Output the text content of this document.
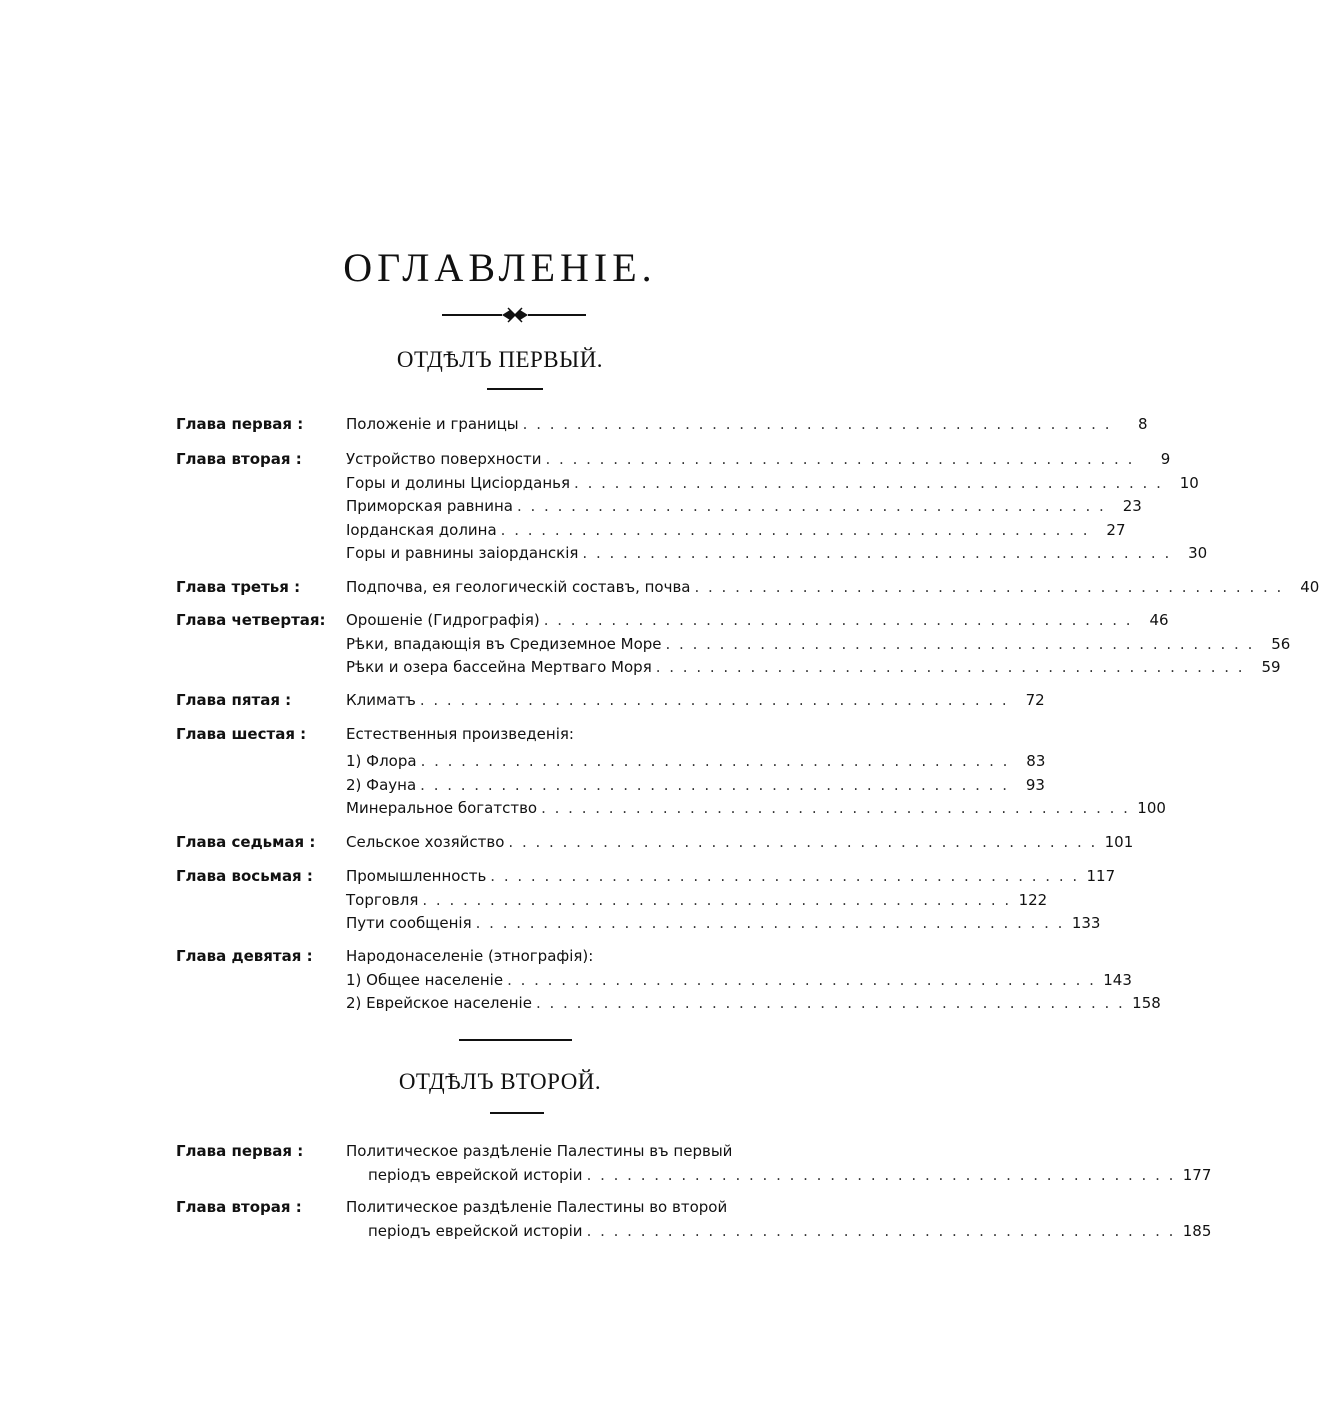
ОГЛАВЛЕНІЕ.
ОТДѢЛЪ ПЕРВЫЙ.
Глава первая :	Положеніе и границы . . . . . . . . . . . . . . . . . . . . . . . . . . . . . . . . . . . . . . . . . . . .	8
Глава вторая :	Устройство поверхности . . . . . . . . . . . . . . . . . . . . . . . . . . . . . . . . . . . . . . . . . . . .	9
Горы и долины Цисіорданья . . . . . . . . . . . . . . . . . . . . . . . . . . . . . . . . . . . . . . . . . . . .	10
Приморская равнина . . . . . . . . . . . . . . . . . . . . . . . . . . . . . . . . . . . . . . . . . . . .	23
Іорданская долина . . . . . . . . . . . . . . . . . . . . . . . . . . . . . . . . . . . . . . . . . . . .	27
Горы и равнины заіорданскія . . . . . . . . . . . . . . . . . . . . . . . . . . . . . . . . . . . . . . . . . . . .	30
Глава третья :	Подпочва, ея геологическій составъ, почва . . . . . . . . . . . . . . . . . . . . . . . . . . . . . . . . . . . . . . . . . . . .	40
Глава четвертая:	Орошеніе (Гидрографія) . . . . . . . . . . . . . . . . . . . . . . . . . . . . . . . . . . . . . . . . . . . .	46
Рѣки, впадающія въ Средиземное Море . . . . . . . . . . . . . . . . . . . . . . . . . . . . . . . . . . . . . . . . . . . .	56
Рѣки и озера бассейна Мертваго Моря . . . . . . . . . . . . . . . . . . . . . . . . . . . . . . . . . . . . . . . . . . . .	59
Глава пятая :	Климатъ . . . . . . . . . . . . . . . . . . . . . . . . . . . . . . . . . . . . . . . . . . . .	72
Глава шестая :	Естественныя произведенія:
1) Флора . . . . . . . . . . . . . . . . . . . . . . . . . . . . . . . . . . . . . . . . . . . .	83
2) Фауна . . . . . . . . . . . . . . . . . . . . . . . . . . . . . . . . . . . . . . . . . . . .	93
Минеральное богатство . . . . . . . . . . . . . . . . . . . . . . . . . . . . . . . . . . . . . . . . . . . . 100
Глава седьмая :	Сельское хозяйство . . . . . . . . . . . . . . . . . . . . . . . . . . . . . . . . . . . . . . . . . . . . 101
Глава восьмая :	Промышленность . . . . . . . . . . . . . . . . . . . . . . . . . . . . . . . . . . . . . . . . . . . . 117
Торговля . . . . . . . . . . . . . . . . . . . . . . . . . . . . . . . . . . . . . . . . . . . . 122
Пути сообщенія . . . . . . . . . . . . . . . . . . . . . . . . . . . . . . . . . . . . . . . . . . . . 133
Глава девятая :	Народонаселеніе (этнографія):
1) Общее населеніе . . . . . . . . . . . . . . . . . . . . . . . . . . . . . . . . . . . . . . . . . . . . 143
2) Еврейское населеніе . . . . . . . . . . . . . . . . . . . . . . . . . . . . . . . . . . . . . . . . . . . . 158
ОТДѢЛЪ ВТОРОЙ.
Глава первая :	Политическое раздѣленіе Палестины въ первый
періодъ еврейской исторіи . . . . . . . . . . . . . . . . . . . . . . . . . . . . . . . . . . . . . . . . . . . . 177
Глава вторая :	Политическое раздѣленіе Палестины во второй
періодъ еврейской исторіи . . . . . . . . . . . . . . . . . . . . . . . . . . . . . . . . . . . . . . . . . . . . 185
